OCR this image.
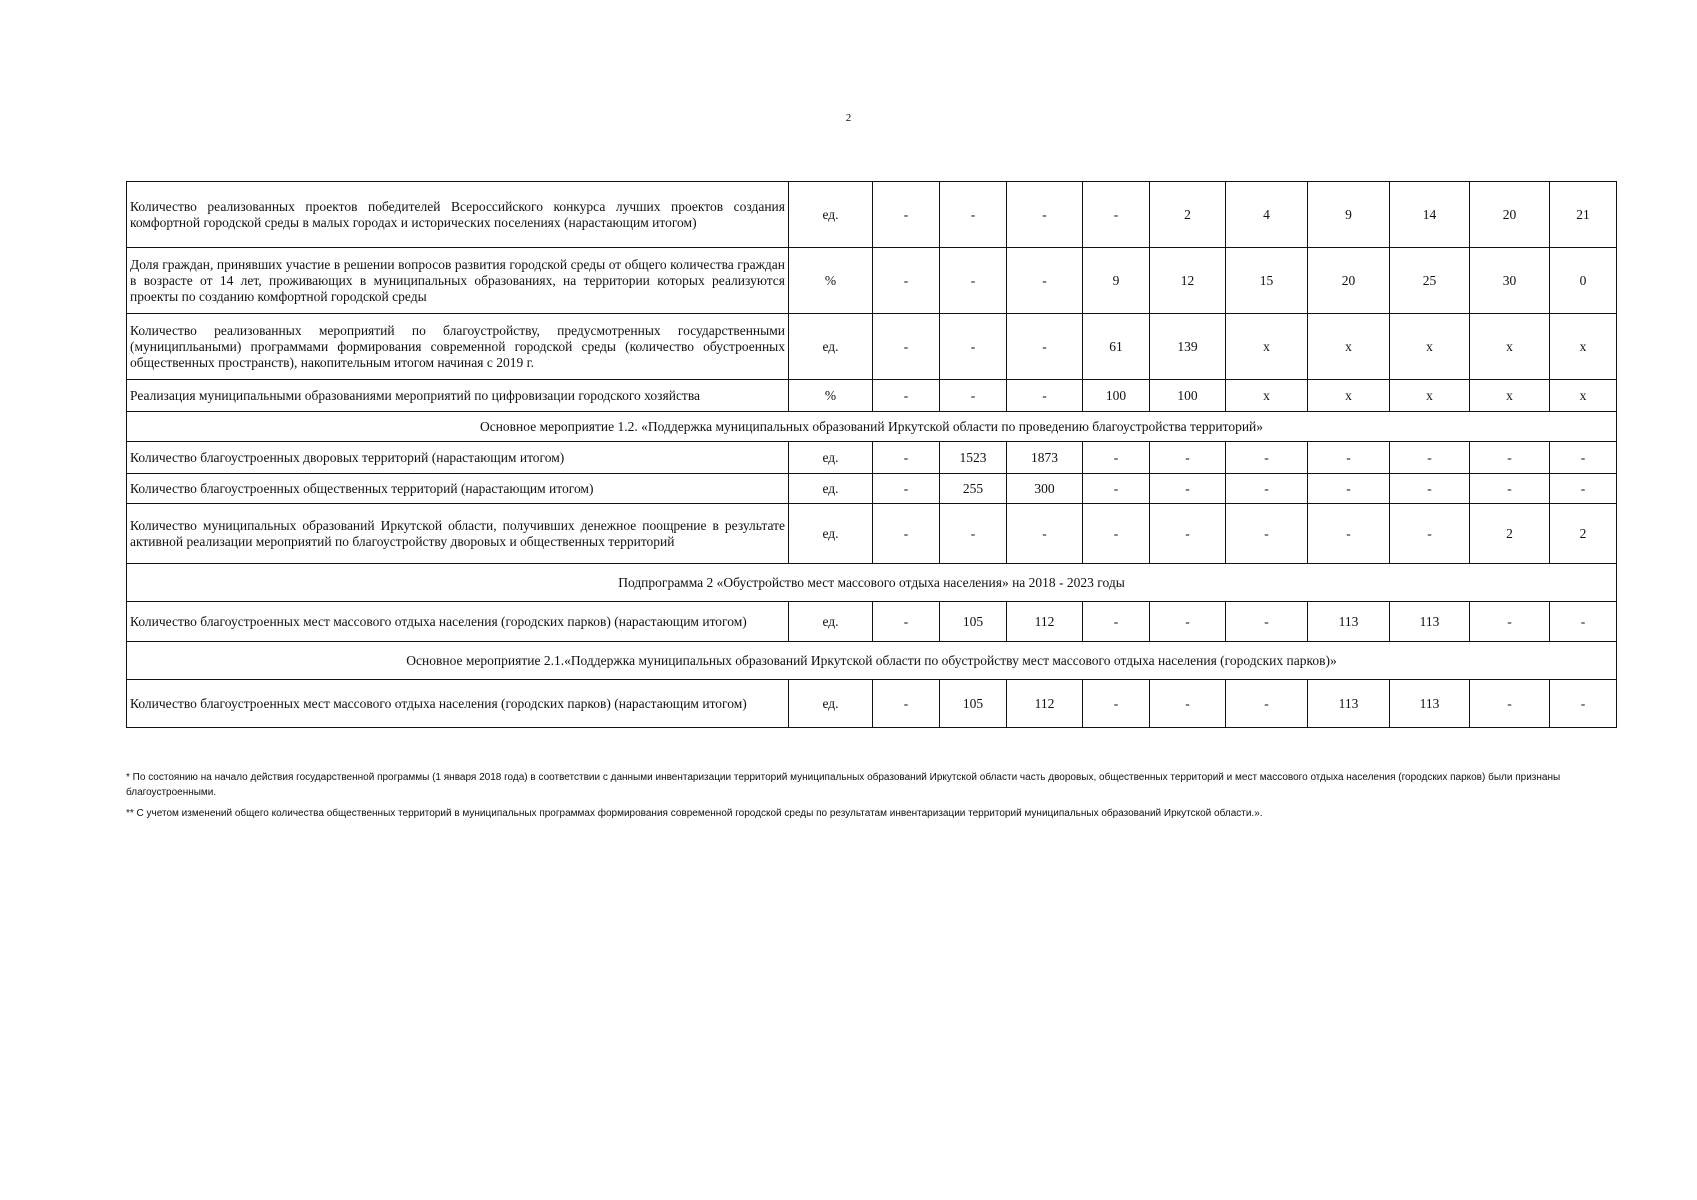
2
Количество реализованных проектов победителей Всероссийского конкурса лучших проектов создания комфортной городской среды в малых городах и исторических поселениях (нарастающим итогом)	ед.	-	-	-	-	2	4	9	14	20	21
Доля граждан, принявших участие в решении вопросов развития городской среды от общего количества граждан в возрасте от 14 лет, проживающих в муниципальных образованиях, на территории которых реализуются проекты по созданию комфортной городской среды	%	-	-	-	9	12	15	20	25	30	0
Количество реализованных мероприятий по благоустройству, предусмотренных государственными (муниципльаными) программами формирования современной городской среды (количество обустроенных общественных пространств), накопительным итогом начиная с 2019 г.	ед.	-	-	-	61	139	x	x	x	x	x
Реализация муниципальными образованиями мероприятий по цифровизации городского хозяйства	%	-	-	-	100	100	x	x	x	x	x
Основное мероприятие 1.2. «Поддержка муниципальных образований Иркутской области по проведению благоустройства территорий»											
Количество благоустроенных дворовых территорий (нарастающим итогом)	ед.	-	1523	1873	-	-	-	-	-	-	-
Количество благоустроенных общественных территорий (нарастающим итогом)	ед.	-	255	300	-	-	-	-	-	-	-
Количество муниципальных образований Иркутской области, получивших денежное поощрение в результате активной реализации мероприятий по благоустройству дворовых и общественных территорий	ед.	-	-	-	-	-	-	-	-	2	2
Подпрограмма 2 «Обустройство мест массового отдыха населения» на 2018 - 2023 годы											
Количество благоустроенных мест массового отдыха населения (городских парков) (нарастающим итогом)	ед.	-	105	112	-	-	-	113	113	-	-
Основное мероприятие 2.1.«Поддержка муниципальных образований Иркутской области по обустройству мест массового отдыха населения (городских парков)»											
Количество благоустроенных мест массового отдыха населения (городских парков) (нарастающим итогом)	ед.	-	105	112	-	-	-	113	113	-	-

* По состоянию на начало действия государственной программы (1 января 2018 года) в соответствии с данными инвентаризации территорий муниципальных образований Иркутской области часть дворовых, общественных территорий и мест массового отдыха населения (городских парков) были признаны благоустроенными.

** С учетом изменений общего количества общественных территорий в муниципальных программах формирования современной городской среды по результатам инвентаризации территорий муниципальных образований Иркутской области.».
